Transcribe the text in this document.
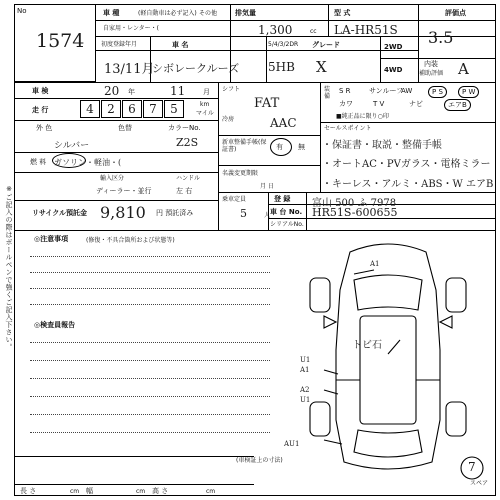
※ご記入の際はボールペンで強くご記入下さい。
No
1574
車 種	(軽自動車は必ず記入) その他
自家用・レンター・(
排気量
1,300	cc
型 式
LA-HR51S
評価点
3.5
初度登録年月
13/11月
車 名
シボレークルーズ
5/4/3/2DR
5HB
グレード
X
2WD
4WD
内装
補助評価 A
車 検	20 年	11	月
走 行	4	2	6	7	5	km
マイル
外 色
シルバー
色替	カラーNo.
Z2S
燃 料 ガソリン・軽油・(
ハンドル
輸入区分
ディーラー・並行	左 右
リサイクル預託金 9,810 円 預託済み
シフト
FAT
冷房	AAC
新車整備手帳(保証書)	有 無
名義変更期限
月 日
乗車定員
5	人
装備
S R	サンルーフ
AW	P S	P W
カワ	T V	ナビ	エアB
■純正品に限り○印
セールスポイント
・保証書・取説・整備手帳
・オートAC・PVガラス・電格ミラー
・キーレス・アルミ・ABS・W エアB
登 録 富山 500 ふ 7978
車 台 No. HR51S-600655
シリアルNo.
◎注意事項	(修復・不具合箇所および状態等)
◎検査員報告
A1
U1
A1
A2
U1
AU1
トビ石
7
スペア
(車検証上の寸法)
長 さ	cm 幅	cm 高 さ	cm
